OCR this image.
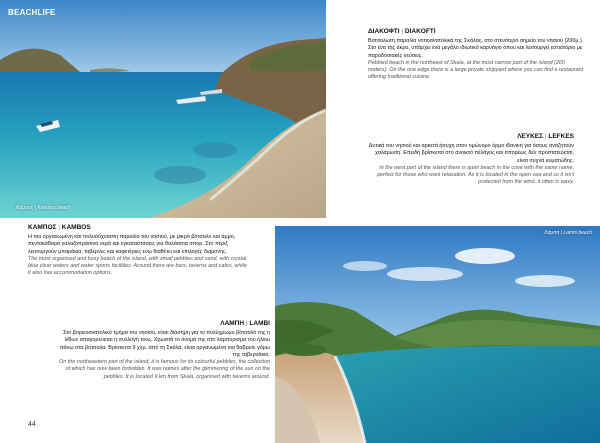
BEACHLIFE
Κάμπος | Kambos beach
ΔΙΑΚΟΦΤΙ | DIAKOFTI

Βοτσαλωτή παραλία νοτιοανατολικά της Σκάλας, στο στενότερο σημείο του νησιού (200μ.). Στο ένα της άκρο, υπάρχει ένα μεγάλο ιδιωτικό καρνάγιο όπου και λειτουργεί εστιατόριο με παραδοσιακές γεύσεις.

Pebbled beach in the northeast of Skala, at the most narrow part of the island (200 meters). On the one edge there is a large private shipyard where you can find a restaurant offering traditional cuisine.

ΛΕΥΚΕΣ | LEFKES

Δυτικά του νησιού και αρκετά ήσυχη στον ομώνυμο όρμο ιδανική για όσους αναζητούν χαλάρωση. Επειδή βρίσκεται στο ανοικτό πέλαγος και σπορέως δεν προστατεύεται, είναι συχνά κυματώδης.

In the west part of the island there is quiet beach in the cove with the same name, perfect for those who want relaxation. As it is located in the open sea and so it isn't protected from the wind, it often is wavy.

ΚΑΜΠΟΣ | KAMBOS

Η πιο οργανωμένη και πολυσύχναστη παραλία του νησιού, με μικρό βότσαλο και άμμο, πεντακάθαρα γαλαζοπράσινα νερά και εγκαταστάσεις για θαλάσσια σπορ. Στο πέριξ λειτουργούν μπαράκια, ταβέρνες και καφετέριες ενώ διαθέτει και επιλογές διαμονής.

The most organised and busy beach of the island, with small pebbles and sand, with crystal blue clear waters and water sports facilities. Around there are bars, taverns and cafes, while it also has accommodation options.

Λάμπη | Lambi beach
ΛΑΜΠΗ | LAMBI

Στο βορειοανατολικό τμήμα του νησιού, είναι διάσημη για το πολύχρωμο βότσαλό της η λίθων απαγορεύεται η συλλογή τους. Χρωστά το όνομά της στο λαμπύρισμα του ήλιου πάνω στα βότσαλα. Βρίσκεται 9 χλμ. από τη Σκάλα, είναι οργανωμένη και θαβρετε γύρω της ταβερνάκια.

On the northeastern part of the island, it is famous for its colourful pebbles, the collection of which has now been forbidden. It was names after the glimmering of the sun on the pebbles. It is located 9 km from Skala, organised with taverns around.

44
